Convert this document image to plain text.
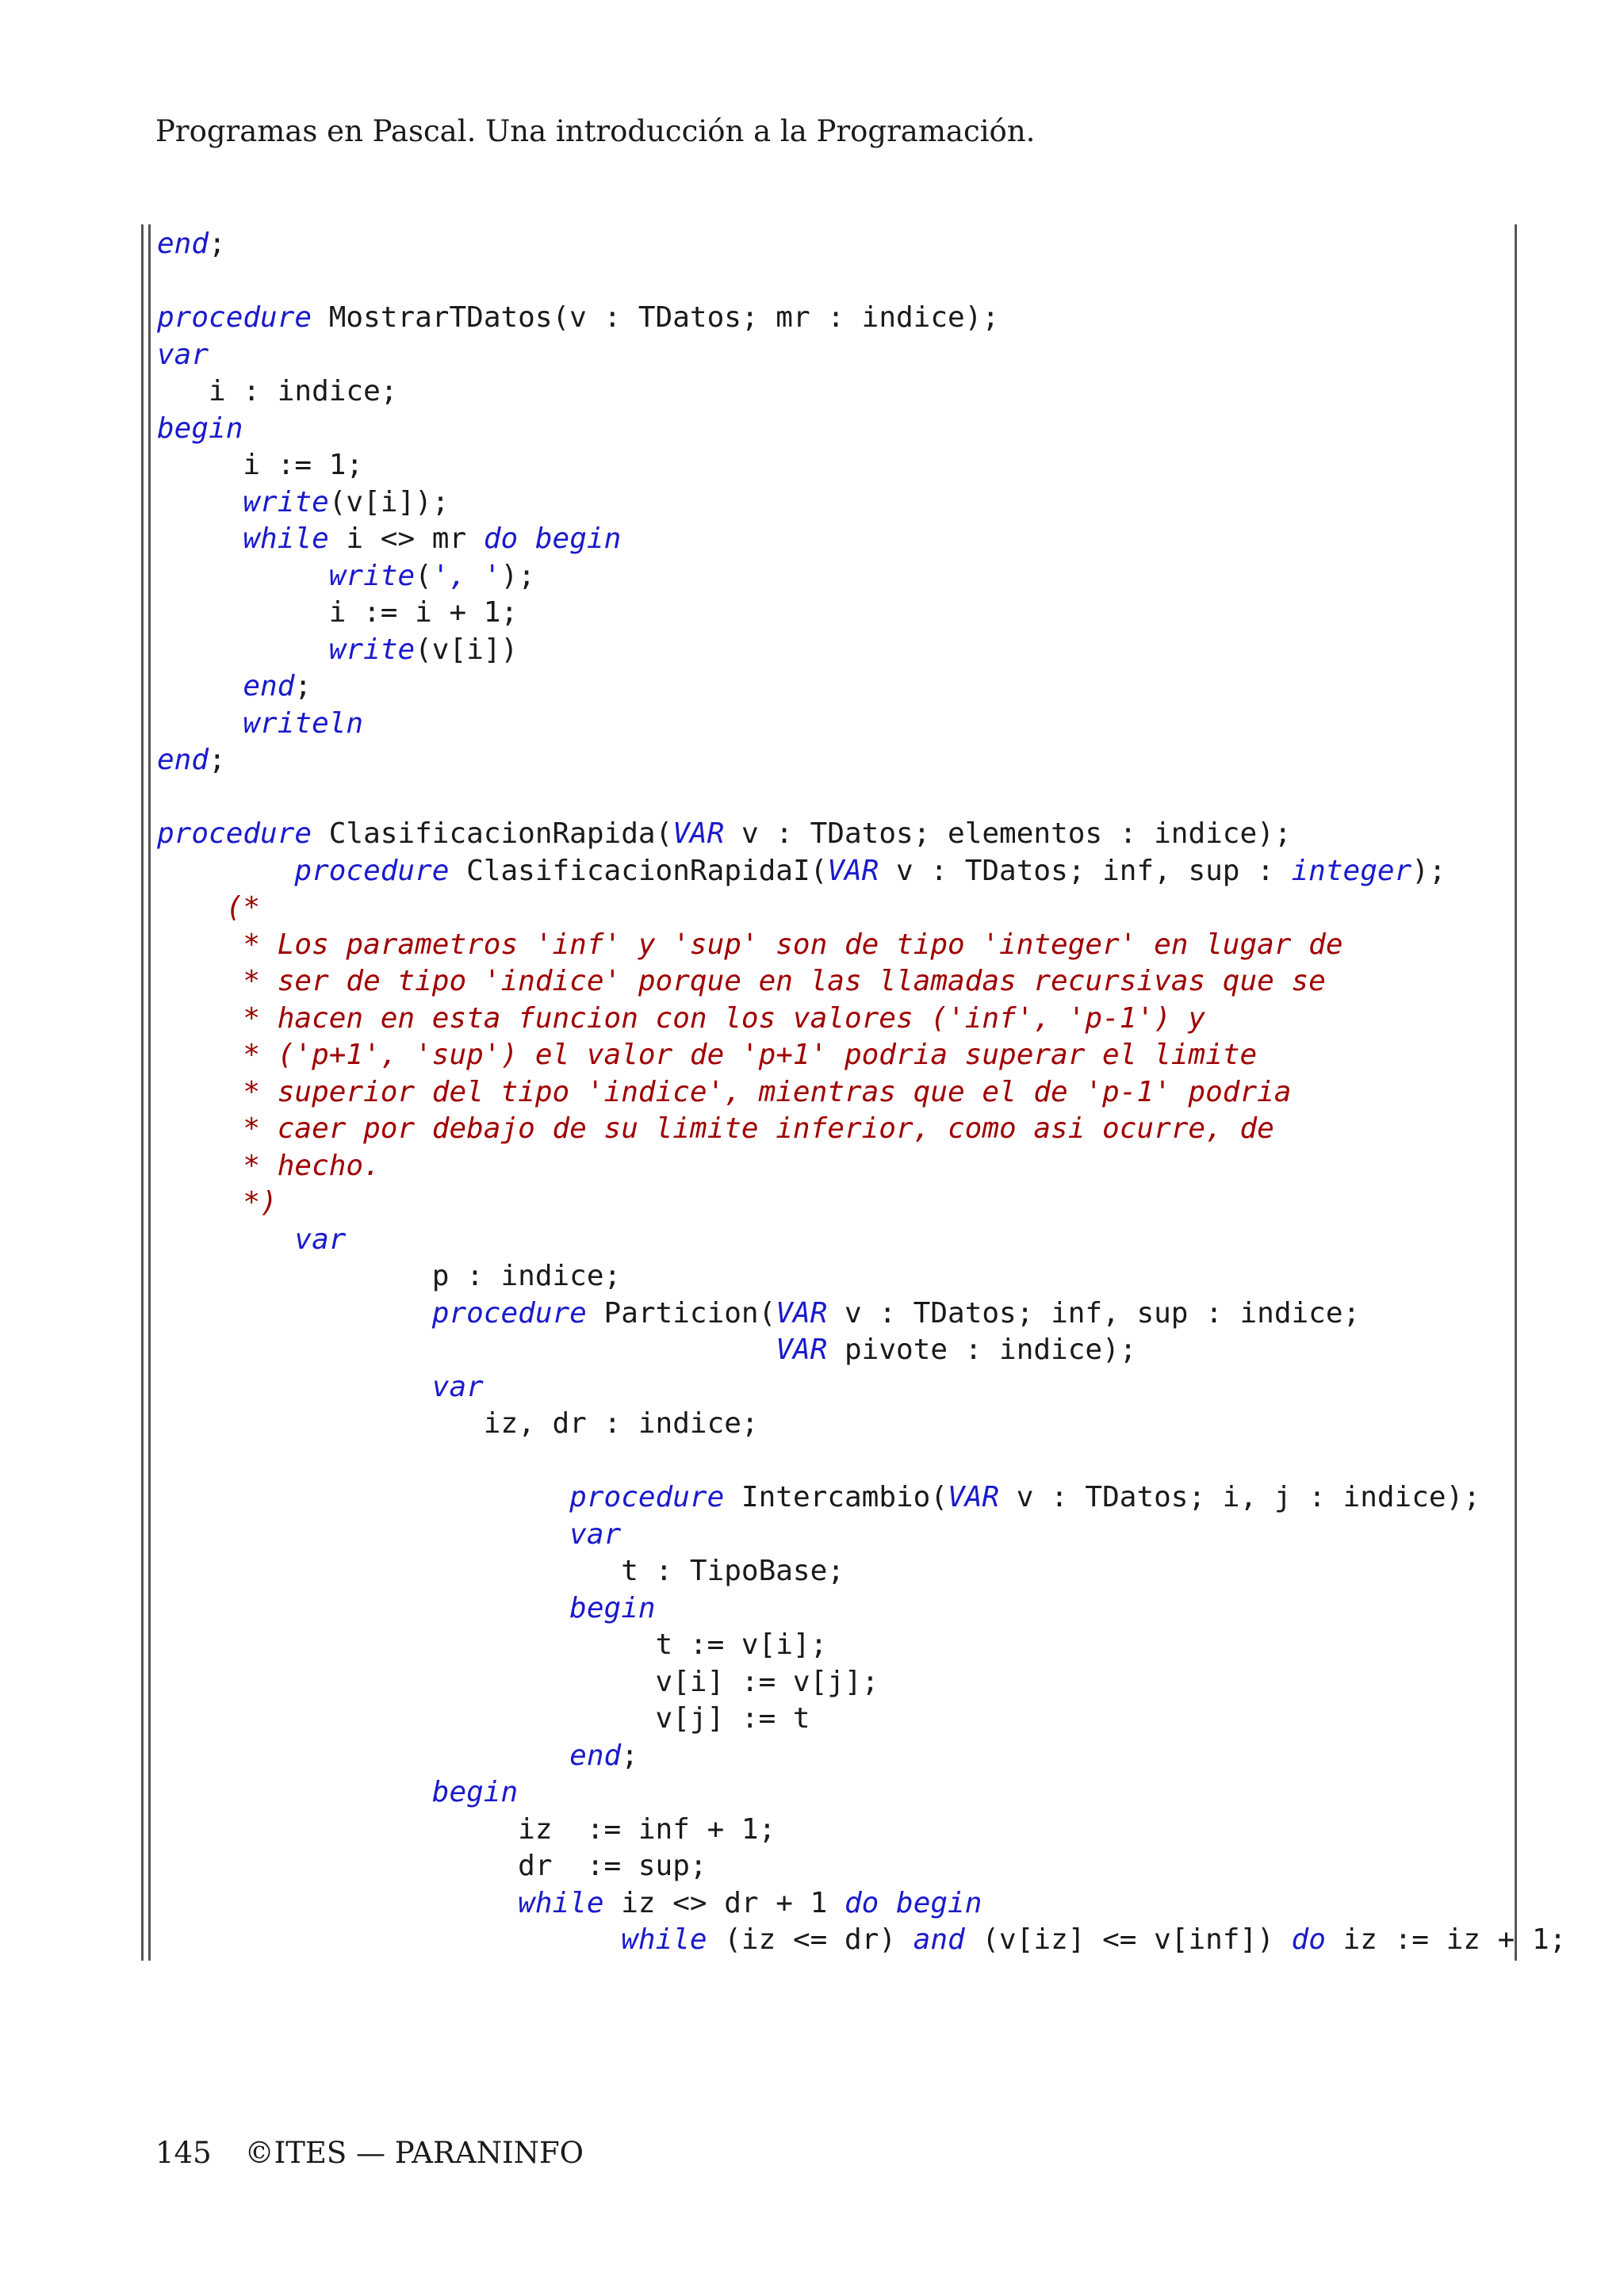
Programas en Pascal. Una introducción a la Programación.
end;
procedure MostrarTDatos(v : TDatos; mr : indice);
var
i : indice;
begin
i := 1;
write(v[i]);
while i <> mr do begin
write(', ');
i := i + 1;
write(v[i])
end;
writeln
end;
procedure ClasificacionRapida(VAR v : TDatos; elementos : indice);
procedure ClasificacionRapidaI(VAR v : TDatos; inf, sup : integer);
(*
* Los parametros 'inf' y 'sup' son de tipo 'integer' en lugar de
* ser de tipo 'indice' porque en las llamadas recursivas que se
* hacen en esta funcion con los valores ('inf', 'p-1') y
* ('p+1', 'sup') el valor de 'p+1' podria superar el limite
* superior del tipo 'indice', mientras que el de 'p-1' podria
* caer por debajo de su limite inferior, como asi ocurre, de
* hecho.
*)
var
p : indice;
procedure Particion(VAR v : TDatos; inf, sup : indice;
VAR pivote : indice);
var
iz, dr : indice;
procedure Intercambio(VAR v : TDatos; i, j : indice);
var
t : TipoBase;
begin
t := v[i];
v[i] := v[j];
v[j] := t
end;
begin
iz  := inf + 1;
dr  := sup;
while iz <> dr + 1 do begin
while (iz <= dr) and (v[iz] <= v[inf]) do iz := iz + 1;
145 ©ITES — PARANINFO
